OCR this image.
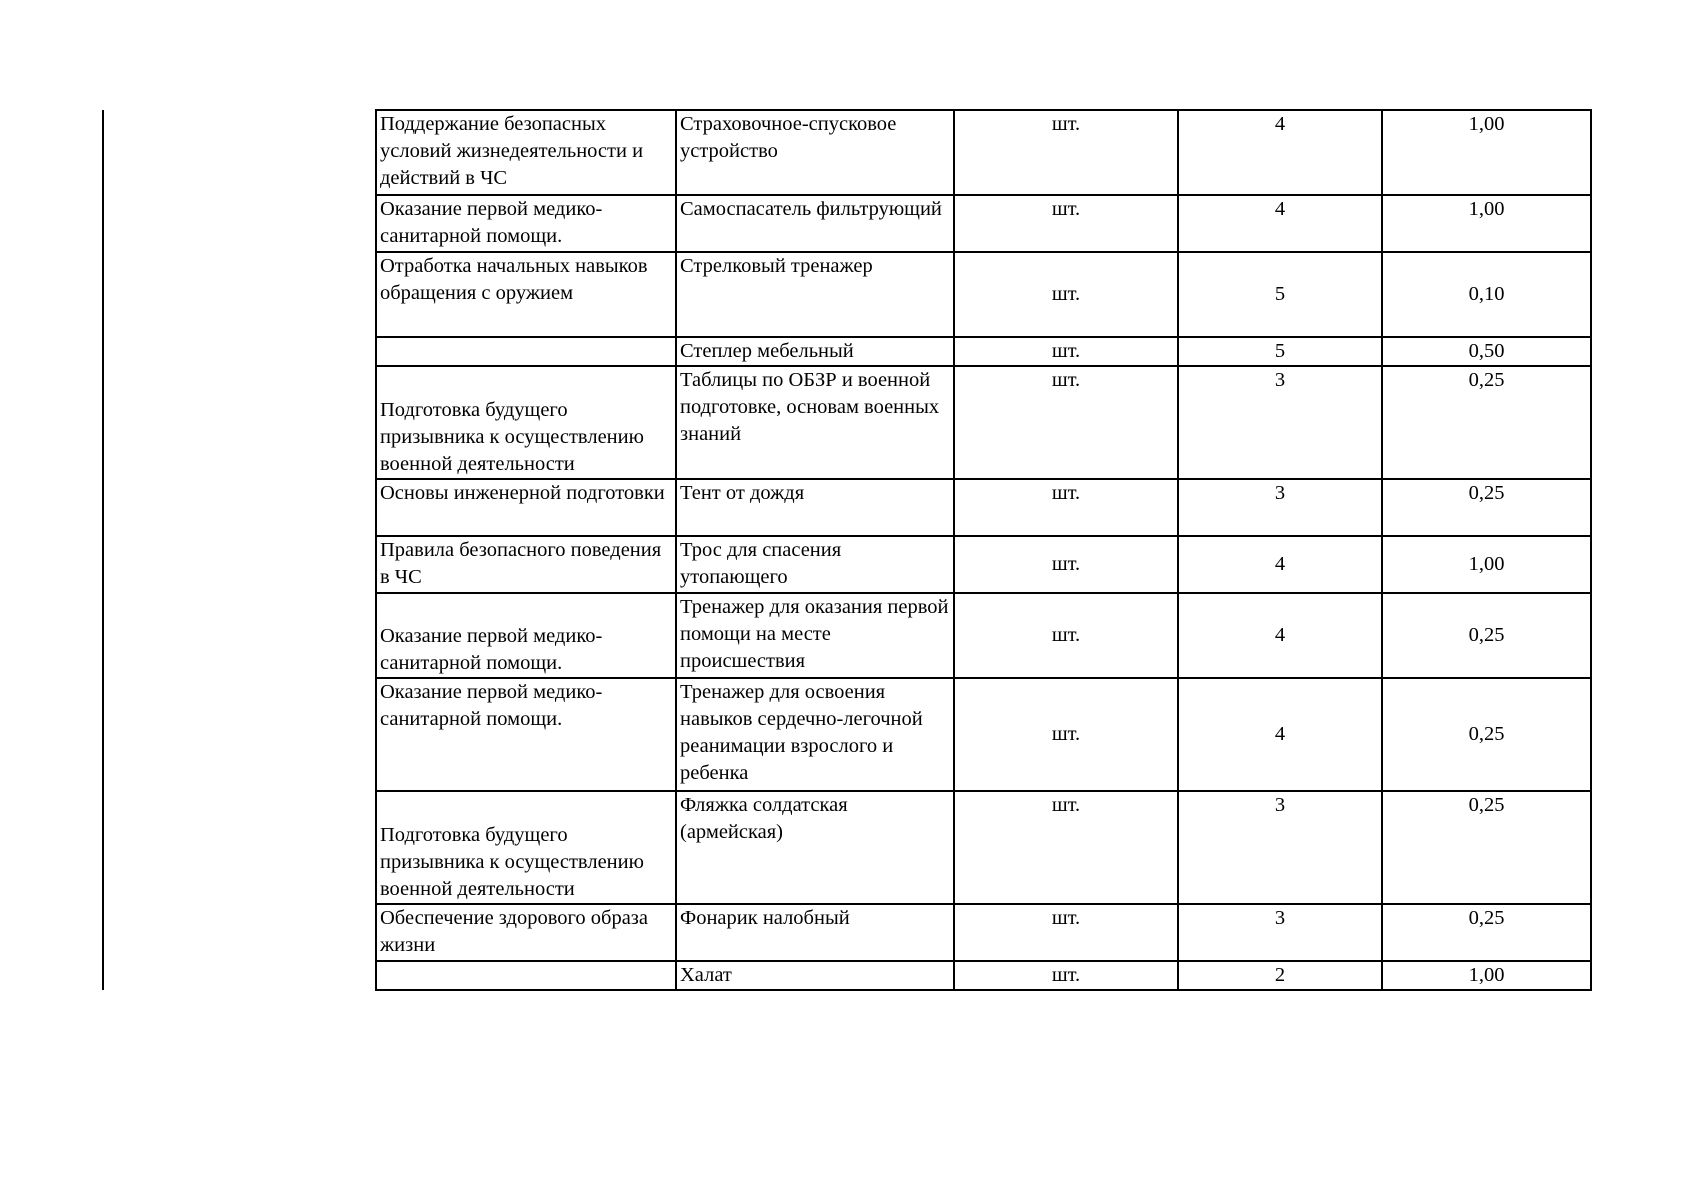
Поддержание безопасных условий жизнедеятельности и действий в ЧС	Страховочное-спусковое устройство	шт.	4	1,00
Оказание первой медико-санитарной помощи.	Самоспасатель фильтрующий	шт.	4	1,00
Отработка начальных навыков обращения с оружием	Стрелковый тренажер	шт.	5	0,10
	Степлер мебельный	шт.	5	0,50
Подготовка будущего призывника к осуществлению военной деятельности	Таблицы по ОБЗР и военной подготовке, основам военных знаний	шт.	3	0,25
Основы инженерной подготовки	Тент от дождя	шт.	3	0,25
Правила безопасного поведения в ЧС	Трос для спасения утопающего	шт.	4	1,00
Оказание первой медико-санитарной помощи.	Тренажер для оказания первой помощи на месте происшествия	шт.	4	0,25
Оказание первой медико-санитарной помощи.	Тренажер для освоения навыков сердечно-легочной реанимации взрослого и ребенка	шт.	4	0,25
Подготовка будущего призывника к осуществлению военной деятельности	Фляжка солдатская (армейская)	шт.	3	0,25
Обеспечение здорового образа жизни	Фонарик налобный	шт.	3	0,25
	Халат	шт.	2	1,00
